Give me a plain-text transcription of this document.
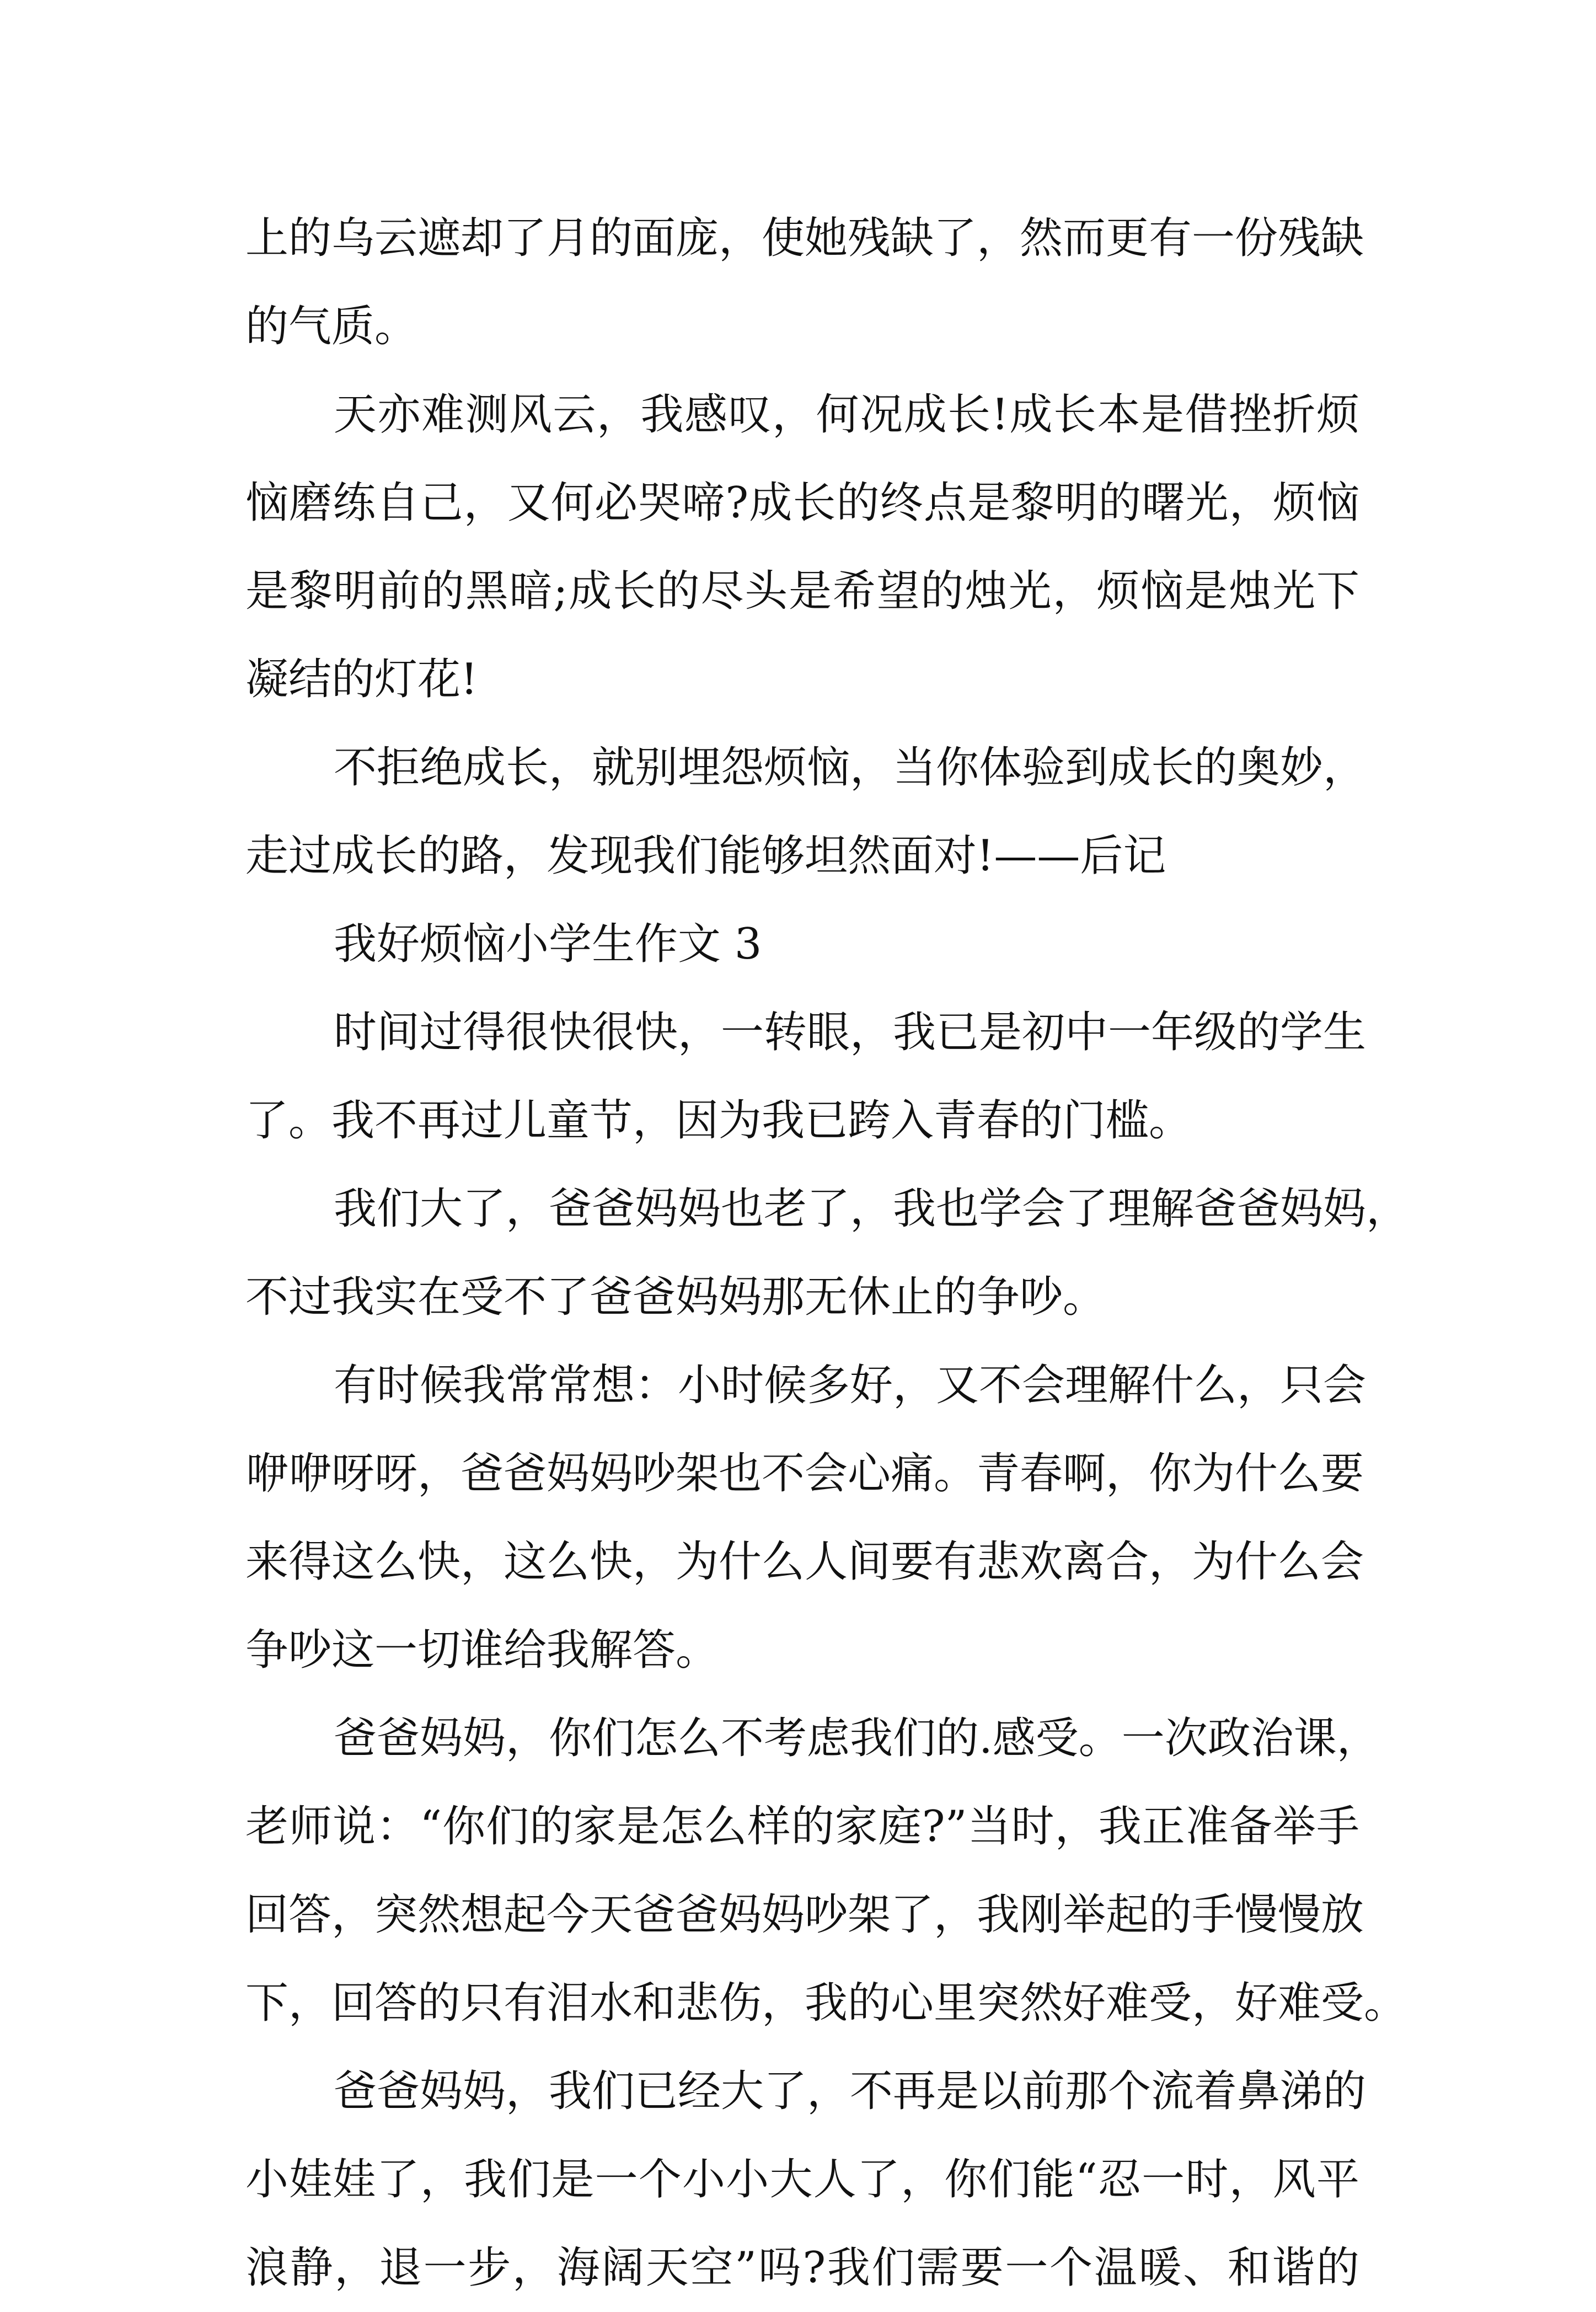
上的乌云遮却了月的面庞，使她残缺了，然而更有一份残缺
的气质。
天亦难测风云，我感叹，何况成长!成长本是借挫折烦
恼磨练自己，又何必哭啼?成长的终点是黎明的曙光，烦恼
是黎明前的黑暗;成长的尽头是希望的烛光，烦恼是烛光下
凝结的灯花!
不拒绝成长，就别埋怨烦恼，当你体验到成长的奥妙，
走过成长的路，发现我们能够坦然面对!——后记
我好烦恼小学生作文 3
时间过得很快很快，一转眼，我已是初中一年级的学生
了。我不再过儿童节，因为我已跨入青春的门槛。
我们大了，爸爸妈妈也老了，我也学会了理解爸爸妈妈，
不过我实在受不了爸爸妈妈那无休止的争吵。
有时候我常常想：小时候多好，又不会理解什么，只会
咿咿呀呀，爸爸妈妈吵架也不会心痛。青春啊，你为什么要
来得这么快，这么快，为什么人间要有悲欢离合，为什么会
争吵这一切谁给我解答。
爸爸妈妈，你们怎么不考虑我们的.感受。一次政治课，
老师说：“你们的家是怎么样的家庭?”当时，我正准备举手
回答，突然想起今天爸爸妈妈吵架了，我刚举起的手慢慢放
下，回答的只有泪水和悲伤，我的心里突然好难受，好难受。
爸爸妈妈，我们已经大了，不再是以前那个流着鼻涕的
小娃娃了，我们是一个小小大人了，你们能“忍一时，风平
浪静，退一步，海阔天空”吗?我们需要一个温暖、和谐的
